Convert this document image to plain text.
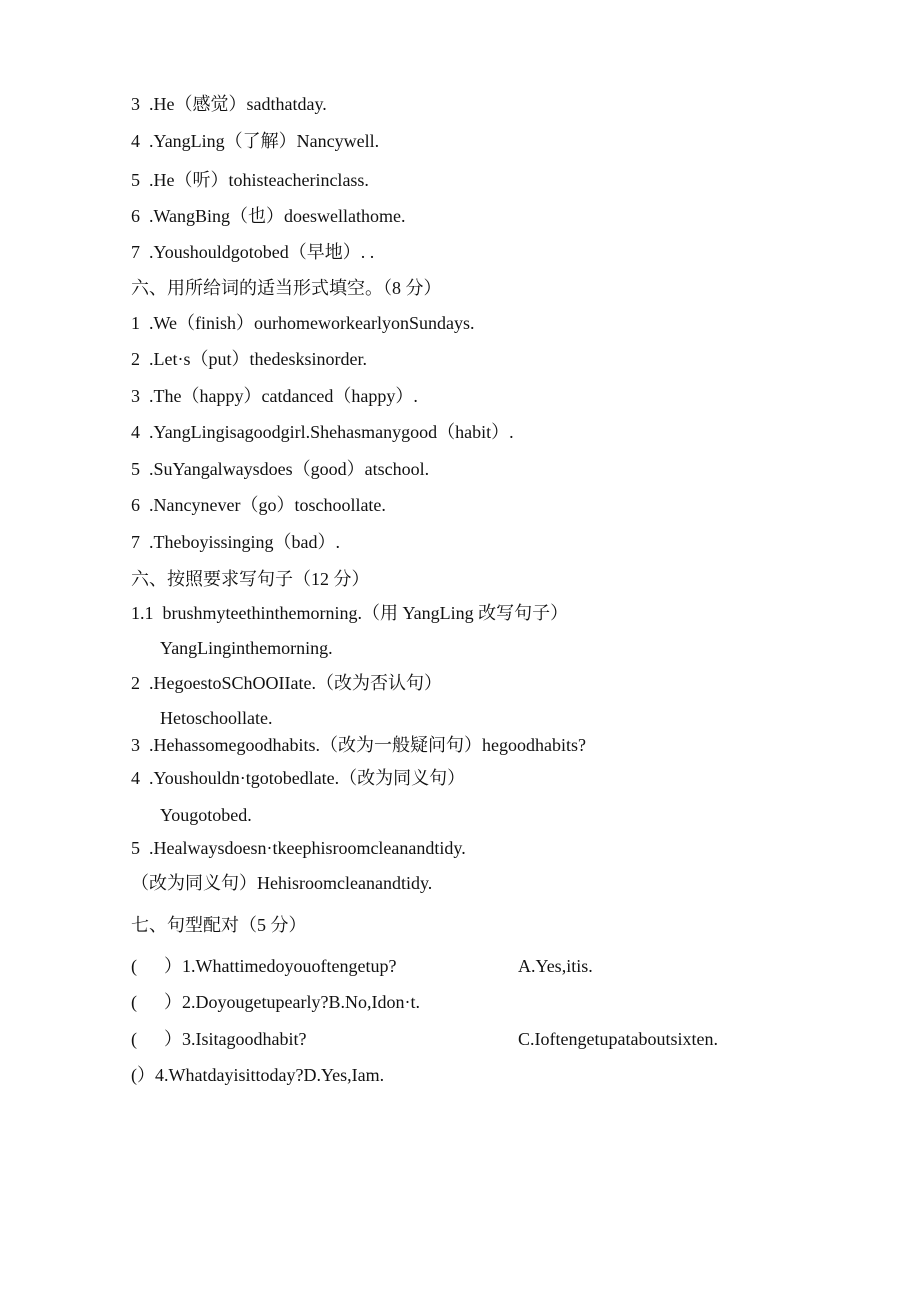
3  .He（感觉）sadthatday.
4  .YangLing（了解）Nancywell.
5  .He（听）tohisteacherinclass.
6  .WangBing（也）doeswellathome.
7  .Youshouldgotobed（早地）. .
六、用所给词的适当形式填空。（8 分）
1  .We（finish）ourhomeworkearlyonSundays.
2  .Let·s（put）thedesksinorder.
3  .The（happy）catdanced（happy）.
4  .YangLingisagoodgirl.Shehasmanygood（habit）.
5  .SuYangalwaysdoes（good）atschool.
6  .Nancynever（go）toschoollate.
7  .Theboyissinging（bad）.
六、按照要求写句子（12 分）
1.1  brushmyteethinthemorning.（用 YangLing 改写句子）
YangLinginthemorning.
2  .HegoestoSChOOIIate.（改为否认句）
Hetoschoollate.
3  .Hehassomegoodhabits.（改为一般疑问句）hegoodhabits?
4  .Youshouldn·tgotobedlate.（改为同义句）
Yougotobed.
5  .Healwaysdoesn·tkeephisroomcleanandtidy.
（改为同义句）Hehisroomcleanandtidy.
七、句型配对（5 分）
(      ）1.Whattimedoyouoftengetup?	A.Yes,itis.
(      ）2.Doyougetupearly?B.No,Idon·t.
(      ）3.Isitagoodhabit?	C.Ioftengetupataboutsixten.
(）4.Whatdayisittoday?D.Yes,Iam.
